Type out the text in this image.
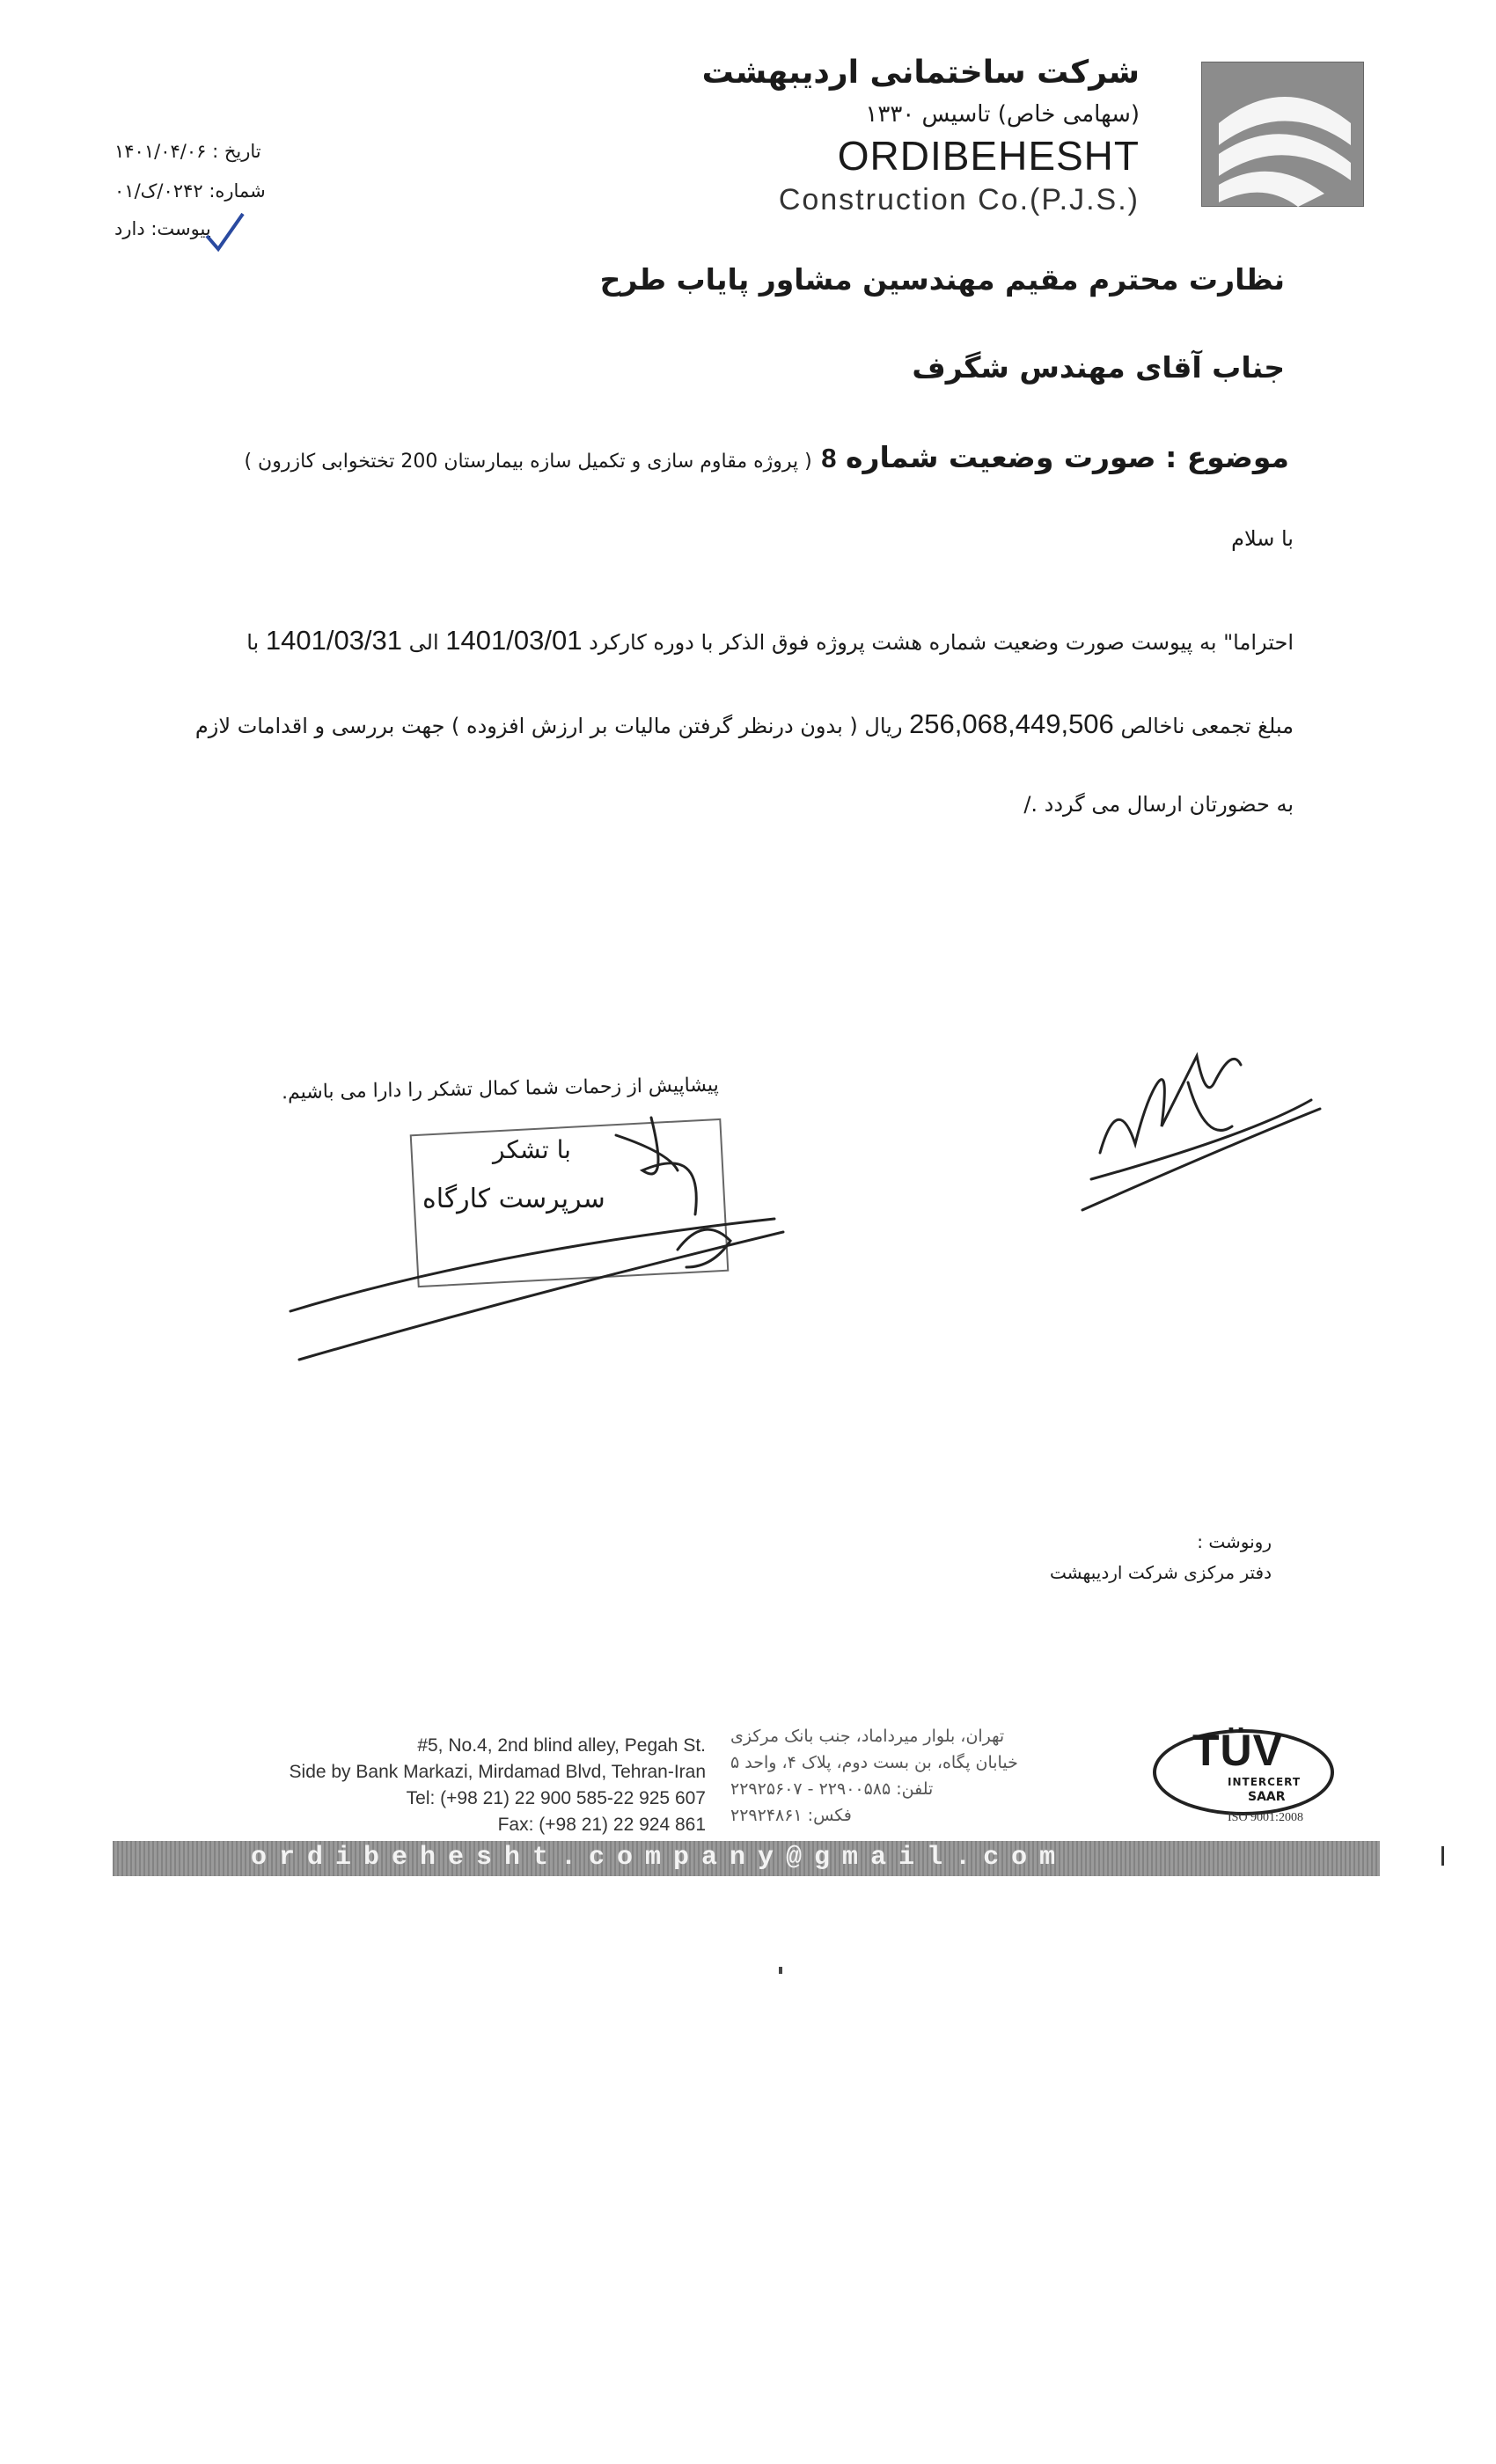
شرکت ساختمانی اردیبهشت
(سهامی خاص) تاسیس ۱۳۳۰
ORDIBEHESHT
Construction Co.(P.J.S.)
تاریخ : ۱۴۰۱/۰۴/۰۶
شماره: ۰۲۴۲/ک/۰۱
پیوست: دارد
نظارت محترم مقیم مهندسین مشاور پایاب طرح
جناب آقای مهندس شگرف
موضوع : صورت وضعیت شماره 8 ( پروژه مقاوم سازی و تکمیل سازه بیمارستان 200 تختخوابی کازرون )
با سلام
احتراما" به پیوست صورت وضعیت شماره هشت پروژه فوق الذکر با دوره کارکرد 1401/03/01 الی 1401/03/31 با
مبلغ تجمعی ناخالص 256,068,449,506 ریال ( بدون درنظر گرفتن مالیات بر ارزش افزوده ) جهت بررسی و اقدامات لازم
به حضورتان ارسال می گردد ./
پیشاپیش از زحمات شما کمال تشکر را دارا می باشیم.
با تشکر
سرپرست کارگاه
رونوشت :
دفتر مرکزی شرکت اردیبهشت
#5, No.4, 2nd blind alley, Pegah St.
Side by Bank Markazi, Mirdamad Blvd, Tehran-Iran
Tel: (+98 21) 22 900 585-22 925 607
Fax: (+98 21) 22 924 861
تهران، بلوار میرداماد، جنب بانک مرکزی
خیابان پگاه، بن بست دوم، پلاک ۴، واحد ۵
تلفن: ۲۲۹۰۰۵۸۵ - ۲۲۹۲۵۶۰۷
فکس: ۲۲۹۲۴۸۶۱
TÜV
INTERCERT
SAAR
ISO 9001:2008
ordibehesht.company@gmail.com
